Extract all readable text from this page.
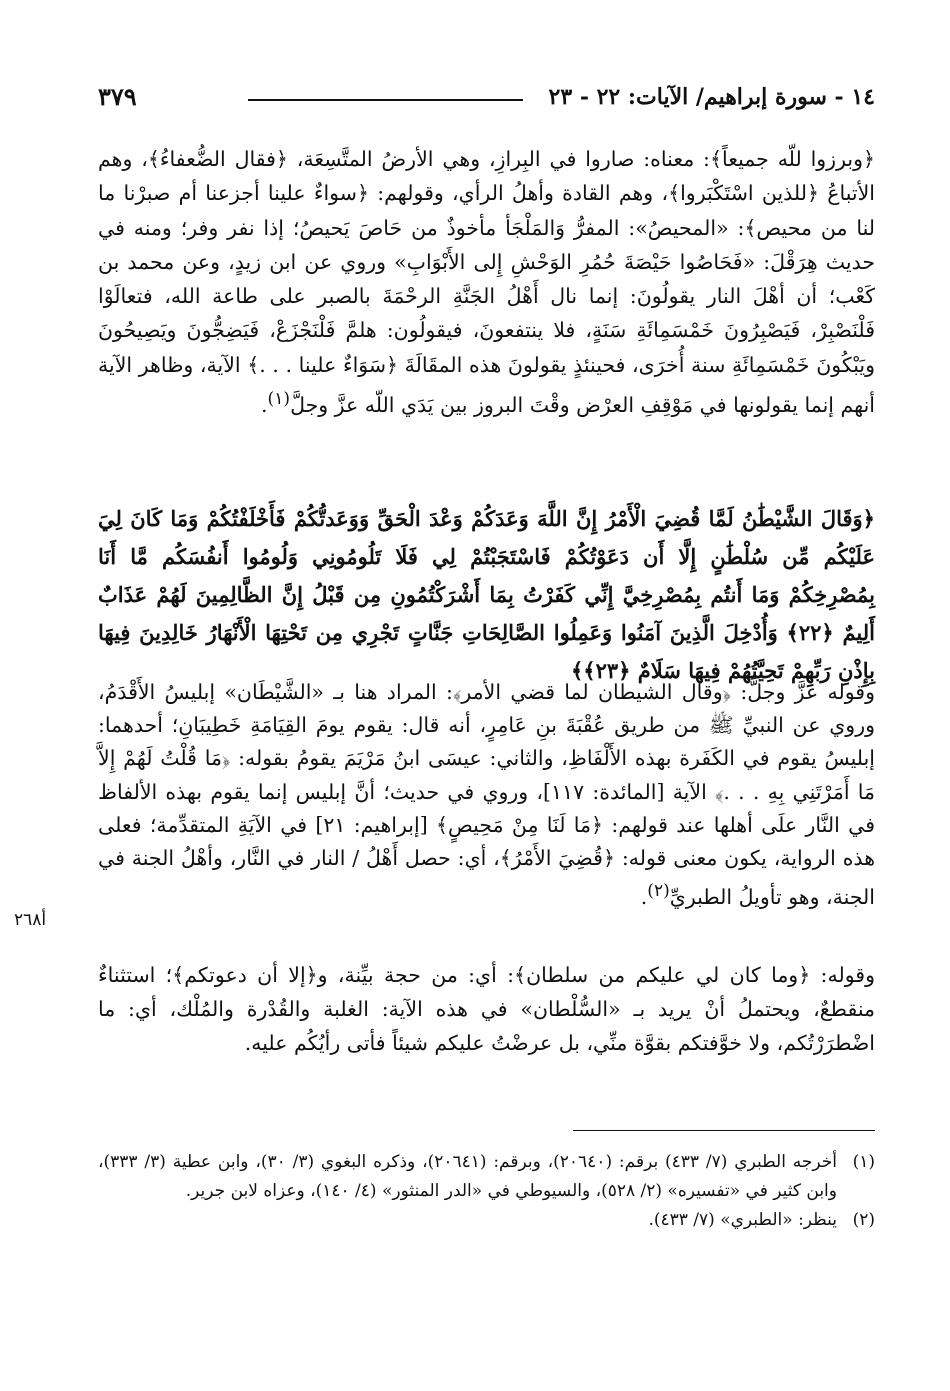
١٤ - سورة إبراهيم/ الآيات: ٢٢ - ٢٣
٣٧٩

﴿وبرزوا للّه جميعاً﴾: معناه: صاروا في البِرازِ، وهي الأرضُ المتَّسِعَة، ﴿فقال الضُّعفاءُ﴾، وهم الأتباعُ ﴿للذين اسْتَكْبَروا﴾، وهم القادة وأهلُ الرأي، وقولهم: ﴿سواءٌ علينا أجزعنا أم صبرْنا ما لنا من محيص﴾: «المحيصُ»: المفرُّ وَالمَلْجَأ مأخوذٌ من حَاصَ يَحيصُ؛ إذا نفر وفر؛ ومنه في حديث هِرَقْلَ: «فَحَاصُوا حَيْصَةَ حُمُرِ الوَحْشِ إِلى الأَبْوَابِ» وروي عن ابن زيدٍ، وعن محمد بن كَعْب؛ أن أهْلَ النار يقولُونَ: إنما نال أَهْلُ الجَنَّةِ الرحْمَةَ بالصبر على طاعة الله، فتعالَوْا فَلْنَصْبِرْ، فَيَصْبِرُونَ خَمْسَمِائَةِ سَنَةٍ، فلا ينتفعونَ، فيقولُون: هلمَّ فَلْنَجْزَعْ، فَيَضِجُّونَ ويَصِيحُونَ ويَبْكُونَ خَمْسَمِائَةِ سنة أُخرَى، فحينئذٍ يقولونَ هذه المقَالَةَ ﴿سَوَاءٌ علينا . . .﴾ الآية، وظاهر الآية أنهم إنما يقولونها في مَوْقِفِ العرْض وقْتَ البروز بين يَدَي اللّه عزَّ وجلَّ$^{(١)}$.

﴿وَقَالَ الشَّيْطَٰنُ لَمَّا قُضِيَ الْأَمْرُ إِنَّ اللَّهَ وَعَدَكُمْ وَعْدَ الْحَقِّ وَوَعَدتُّكُمْ فَأَخْلَفْتُكُمْ وَمَا كَانَ لِيَ عَلَيْكُم مِّن سُلْطَٰنٍ إِلَّا أَن دَعَوْتُكُمْ فَاسْتَجَبْتُمْ لِي فَلَا تَلُومُونِي وَلُومُوا أَنفُسَكُم مَّا أَنَا بِمُصْرِخِكُمْ وَمَا أَنتُم بِمُصْرِخِيَّ إِنِّي كَفَرْتُ بِمَا أَشْرَكْتُمُونِ مِن قَبْلُ إِنَّ الظَّالِمِينَ لَهُمْ عَذَابٌ أَلِيمٌ ﴿٢٢﴾ وَأُدْخِلَ الَّذِينَ آمَنُوا وَعَمِلُوا الصَّالِحَاتِ جَنَّاتٍ تَجْرِي مِن تَحْتِهَا الْأَنْهَارُ خَالِدِينَ فِيهَا بِإِذْنِ رَبِّهِمْ تَحِيَّتُهُمْ فِيهَا سَلَامٌ ﴿٢٣﴾﴾

وقوله عزَّ وجلَّ: ﴿وقال الشيطان لما قضي الأمر﴾: المراد هنا بـ «الشَّيْطَان» إبليسُ الأَقْدَمُ، وروي عن النبيِّ ﷺ من طريق عُقْبَةَ بنِ عَامِرٍ، أنه قال: يقوم يومَ القِيَامَةِ خَطِيبَانِ؛ أحدهما: إبليسُ يقوم في الكَفَرة بهذه الأَلْفَاظِ، والثاني: عيسَى ابنُ مَرْيَمَ يقومُ بقوله: ﴿مَا قُلْتُ لَهُمْ إِلاَّ مَا أَمَرْتَنِي بِهِ . . .﴾ الآية [المائدة: ١١٧]، وروي في حديث؛ أنَّ إبليس إنما يقوم بهذه الألفاظ في النَّار علَى أهلها عند قولهم: ﴿مَا لَنَا مِنْ مَحِيصٍ﴾ [إبراهيم: ٢١] في الآيَةِ المتقدِّمة؛ فعلى هذه الرواية، يكون معنى قوله: ﴿قُضِيَ الأَمْرُ﴾، أي: حصل أَهْلُ / النار في النَّار، وأهْلُ الجنة في الجنة، وهو تأويلُ الطبريِّ$^{(٢)}$.

أ٢٦٨

وقوله: ﴿وما كان لي عليكم من سلطان﴾: أي: من حجة بيِّنة، و﴿إلا أن دعوتكم﴾؛ استثناءٌ منقطعٌ، ويحتملُ أنْ يريد بـ «السُّلْطان» في هذه الآية: الغلبة والقُدْرة والمُلْك، أي: ما اضْطرَرْتُكم، ولا خوَّفتكم بقوَّة منِّي، بل عرضْتُ عليكم شيئاً فأتى رأيُكُم عليه.

(١)
أخرجه الطبري (٧/ ٤٣٣) برقم: (٢٠٦٤٠)، وبرقم: (٢٠٦٤١)، وذكره البغوي (٣/ ٣٠)، وابن عطية (٣/ ٣٣٣)، وابن كثير في «تفسيره» (٢/ ٥٢٨)، والسيوطي في «الدر المنثور» (٤/ ١٤٠)، وعزاه لابن جرير.
(٢)
ينظر: «الطبري» (٧/ ٤٣٣).
